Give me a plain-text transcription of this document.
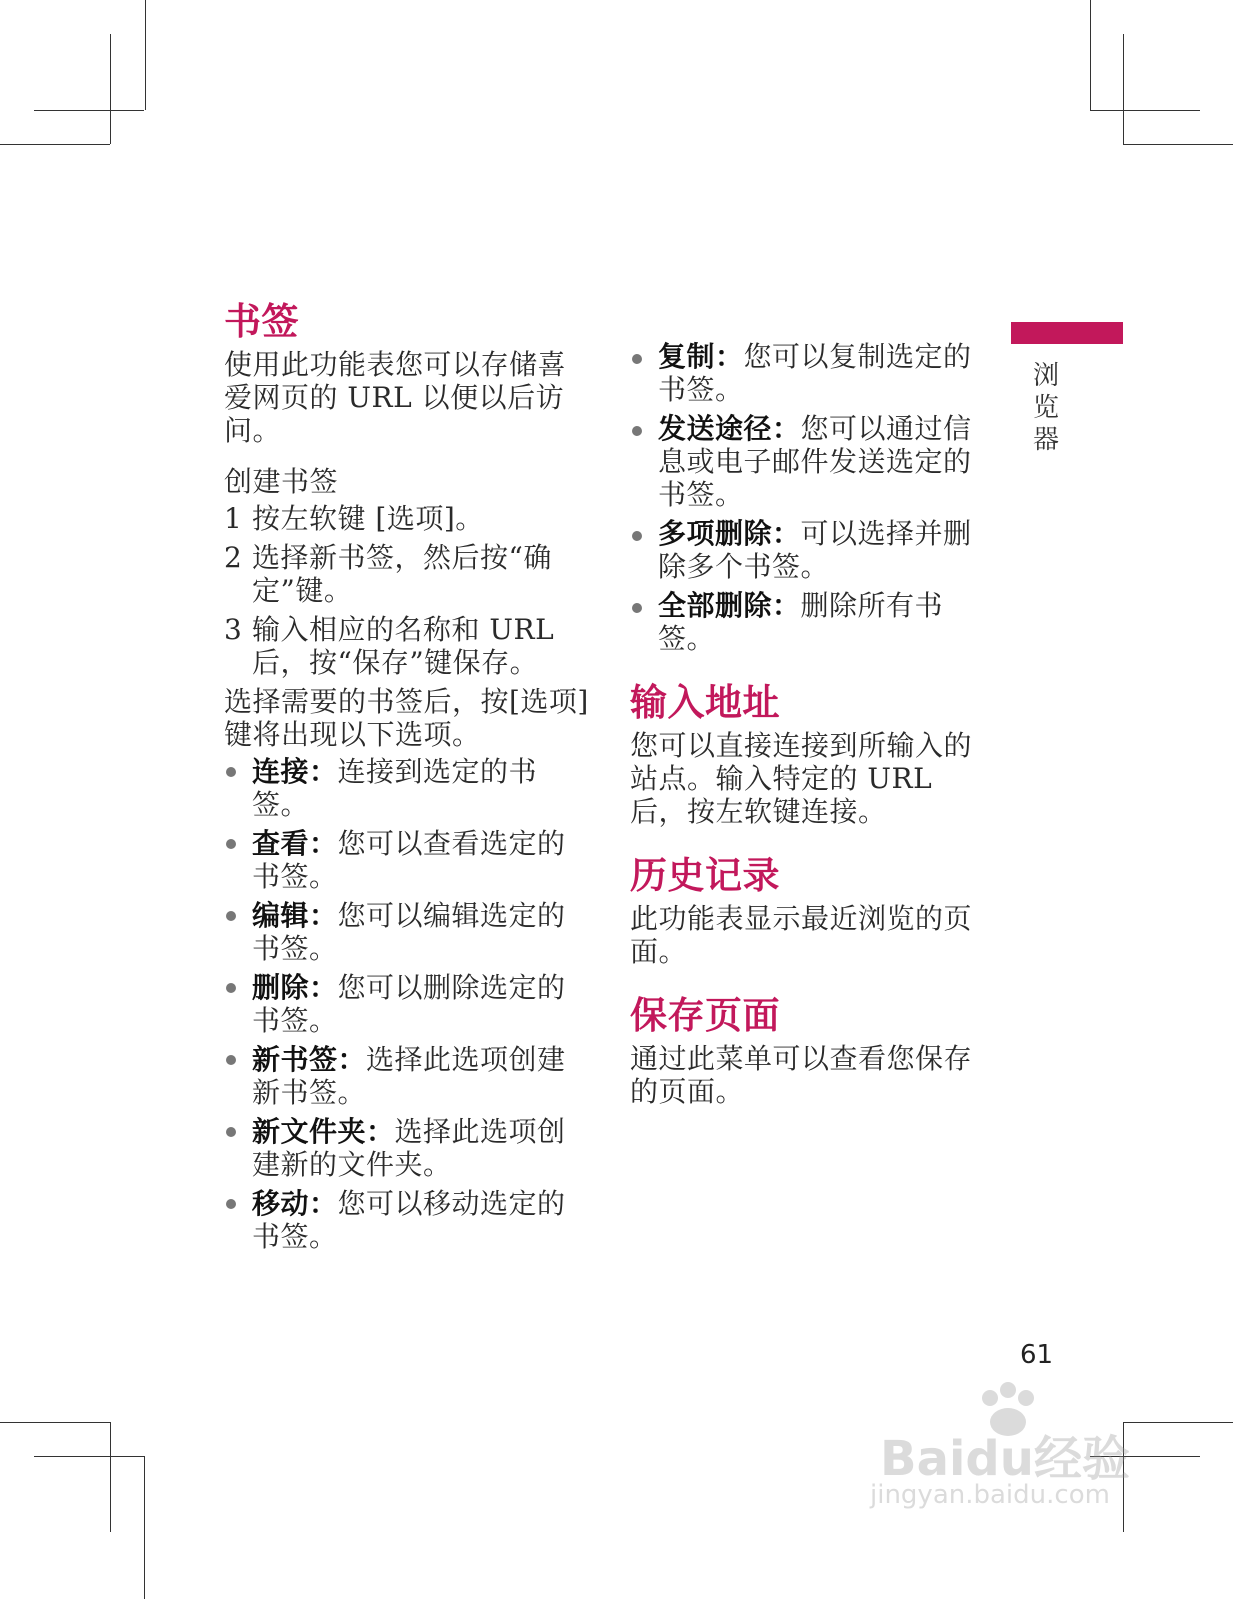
书签

使用此功能表您可以存储喜爱网页的 URL 以便以后访问。

创建书签

1 按左软键 [选项]。
2 选择新书签，然后按“确定”键。
3 输入相应的名称和 URL 后，按“保存”键保存。

选择需要的书签后，按[选项]键将出现以下选项。

连接：连接到选定的书签。
查看：您可以查看选定的书签。
编辑：您可以编辑选定的书签。
删除：您可以删除选定的书签。
新书签：选择此选项创建新书签。
新文件夹：选择此选项创建新的文件夹。
移动：您可以移动选定的书签。
复制：您可以复制选定的书签。
发送途径：您可以通过信息或电子邮件发送选定的书签。
多项删除：可以选择并删除多个书签。
全部删除：删除所有书签。
输入地址

您可以直接连接到所输入的站点。输入特定的 URL 后，按左软键连接。

历史记录

此功能表显示最近浏览的页面。

保存页面

通过此菜单可以查看您保存的页面。

浏览器
61
Baidu经验
jingyan.baidu.com
